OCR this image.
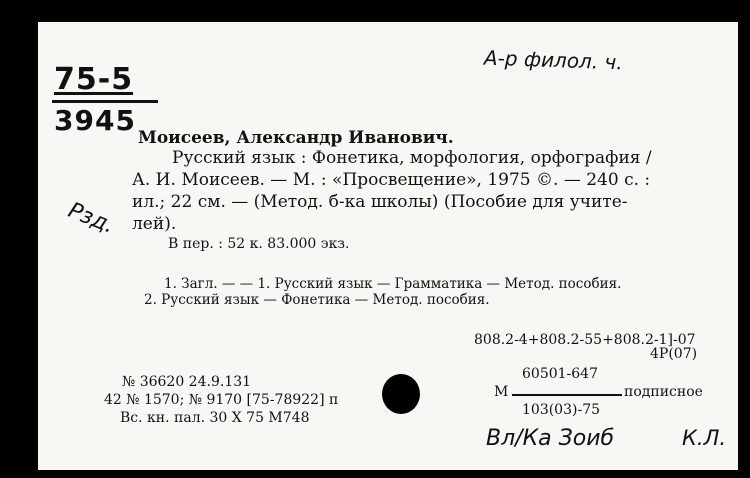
75-5
3945
А-р филол. ч.
Рзд.
Моисеев, Александр Иванович.
Русский язык : Фонетика, морфология, орфография /
А. И. Моисеев. — М. : «Просвещение», 1975 ©. — 240 с. :
ил.; 22 см. — (Метод. б-ка школы) (Пособие для учите-
лей).
В пер. : 52 к. 83.000 экз.
1. Загл. — — 1. Русский язык — Грамматика — Метод. пособия.
2. Русский язык — Фонетика — Метод. пособия.
808.2-4+808.2-55+808.2-1]-07
4Р(07)
№ 36620 24.9.131
42 № 1570; № 9170 [75-78922] п
Вс. кн. пал. 30 X 75 М748
60501-647
М	подписное
103(03)-75
Вл/Ка Зоиб	К.Л.
